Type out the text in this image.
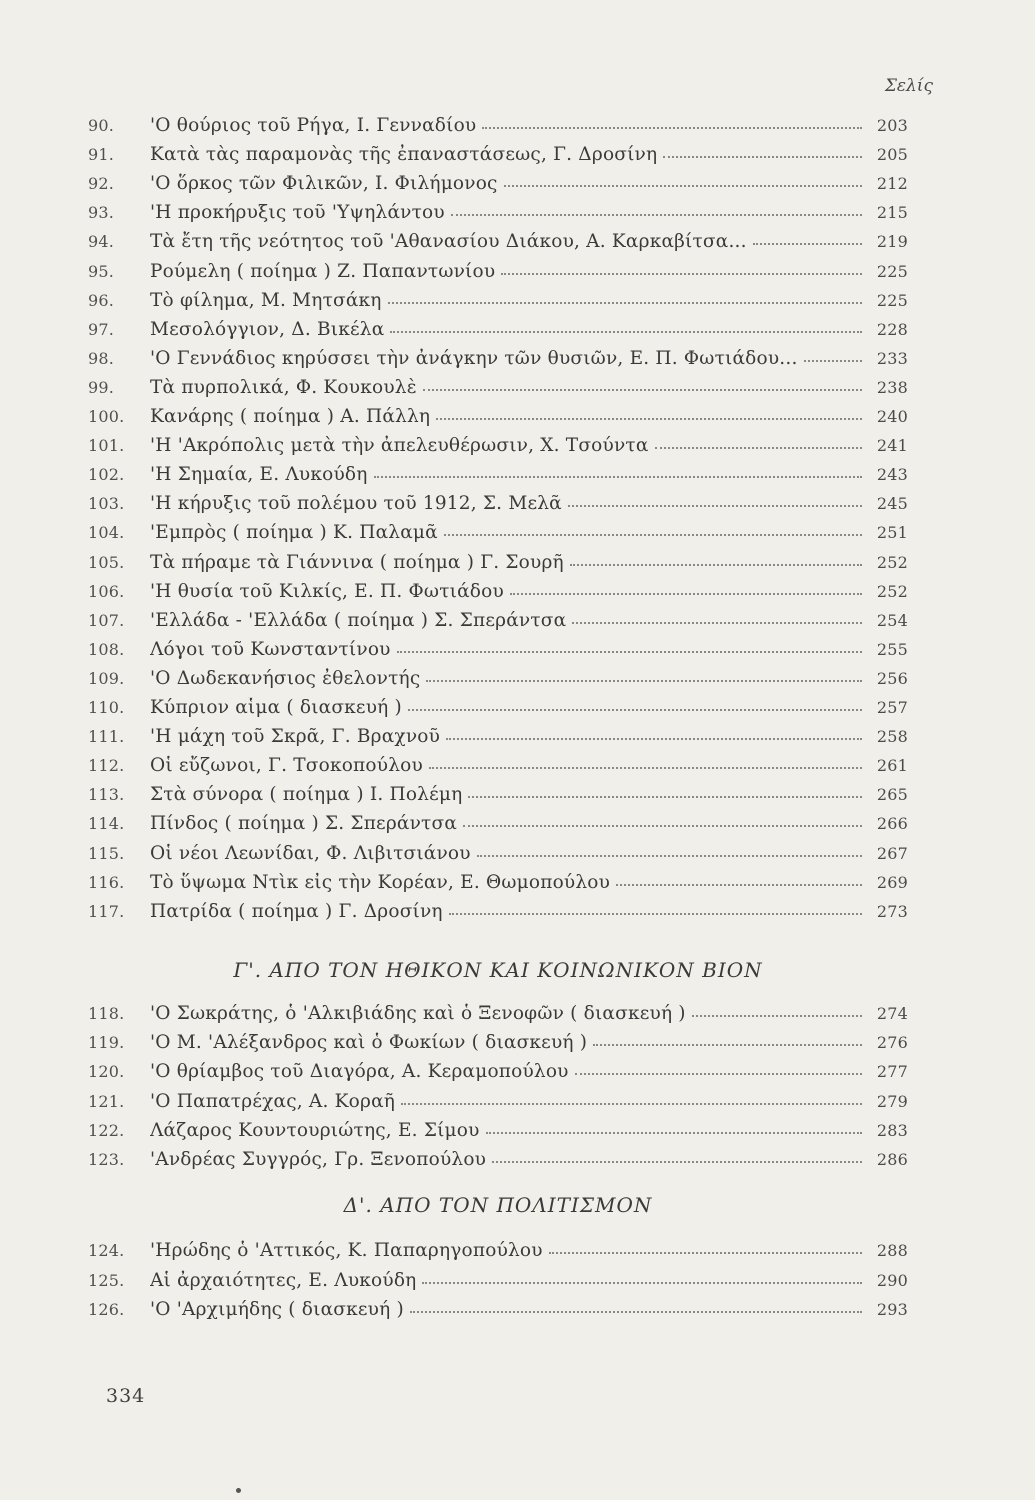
Σελίς
90.	'Ο θούριος τοῦ Ρήγα, Ι. Γενναδίου	203
91.	Κατὰ τὰς παραμονὰς τῆς ἐπαναστάσεως, Γ. Δροσίνη	205
92.	'Ο ὅρκος τῶν Φιλικῶν, Ι. Φιλήμονος	212
93.	'Η προκήρυξις τοῦ 'Υψηλάντου	215
94.	Τὰ ἔτη τῆς νεότητος τοῦ 'Αθανασίου Διάκου, Α. Καρκαβίτσα...	219
95.	Ρούμελη ( ποίημα ) Ζ. Παπαντωνίου	225
96.	Τὸ φίλημα, Μ. Μητσάκη	225
97.	Μεσολόγγιον, Δ. Βικέλα	228
98.	'Ο Γεννάδιος κηρύσσει τὴν ἀνάγκην τῶν θυσιῶν, Ε. Π. Φωτιάδου...	233
99.	Τὰ πυρπολικά, Φ. Κουκουλὲ	238
100.	Κανάρης ( ποίημα ) Α. Πάλλη	240
101.	'Η 'Ακρόπολις μετὰ τὴν ἀπελευθέρωσιν, Χ. Τσούντα	241
102.	'Η Σημαία, Ε. Λυκούδη	243
103.	'Η κήρυξις τοῦ πολέμου τοῦ 1912, Σ. Μελᾶ	245
104.	'Εμπρὸς ( ποίημα ) Κ. Παλαμᾶ	251
105.	Τὰ πήραμε τὰ Γιάννινα ( ποίημα ) Γ. Σουρῆ	252
106.	'Η θυσία τοῦ Κιλκίς, Ε. Π. Φωτιάδου	252
107.	'Ελλάδα - 'Ελλάδα ( ποίημα ) Σ. Σπεράντσα	254
108.	Λόγοι τοῦ Κωνσταντίνου	255
109.	'Ο Δωδεκανήσιος ἐθελοντής	256
110.	Κύπριον αἷμα ( διασκευή )	257
111.	'Η μάχη τοῦ Σκρᾶ, Γ. Βραχνοῦ	258
112.	Οἱ εὔζωνοι, Γ. Τσοκοπούλου	261
113.	Στὰ σύνορα ( ποίημα ) Ι. Πολέμη	265
114.	Πίνδος ( ποίημα ) Σ. Σπεράντσα	266
115.	Οἱ νέοι Λεωνίδαι, Φ. Λιβιτσιάνου	267
116.	Τὸ ὕψωμα Ντὶκ εἰς τὴν Κορέαν, Ε. Θωμοπούλου	269
117.	Πατρίδα ( ποίημα ) Γ. Δροσίνη	273
Γ'. ΑΠΟ ΤΟΝ ΗΘΙΚΟΝ ΚΑΙ ΚΟΙΝΩΝΙΚΟΝ ΒΙΟΝ
118.	'Ο Σωκράτης, ὁ 'Αλκιβιάδης καὶ ὁ Ξενοφῶν ( διασκευή )	274
119.	'Ο Μ. 'Αλέξανδρος καὶ ὁ Φωκίων ( διασκευή )	276
120.	'Ο θρίαμβος τοῦ Διαγόρα, Α. Κεραμοπούλου	277
121.	'Ο Παπατρέχας, Α. Κοραῆ	279
122.	Λάζαρος Κουντουριώτης, Ε. Σίμου	283
123.	'Ανδρέας Συγγρός, Γρ. Ξενοπούλου	286
Δ'. ΑΠΟ ΤΟΝ ΠΟΛΙΤΙΣΜΟΝ
124.	'Ηρώδης ὁ 'Αττικός, Κ. Παπαρηγοπούλου	288
125.	Αἱ ἀρχαιότητες, Ε. Λυκούδη	290
126.	'Ο 'Αρχιμήδης ( διασκευή )	293
334
